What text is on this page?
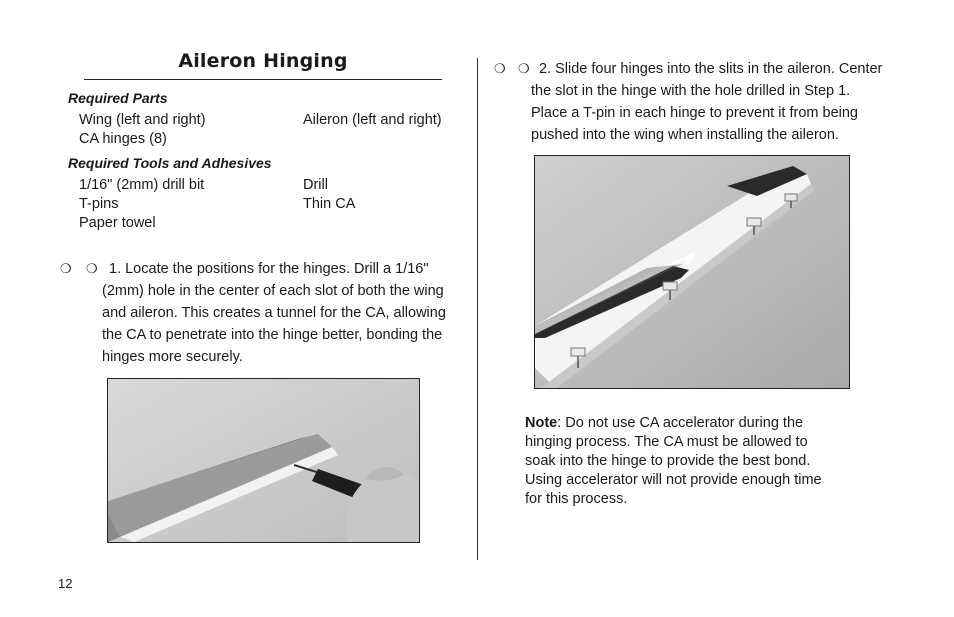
Aileron Hinging
Required Parts
Wing (left and right)
CA hinges (8)
Aileron (left and right)
Required Tools and Adhesives
1/16" (2mm) drill bit
T-pins
Paper towel
Drill
Thin CA
❍ ❍ 1. Locate the positions for the hinges. Drill a 1/16"
(2mm) hole in the center of each slot of both the wing
and aileron. This creates a tunnel for the CA, allowing
the CA to penetrate into the hinge better, bonding the
hinges more securely.
❍ ❍ 2. Slide four hinges into the slits in the aileron. Center
the slot in the hinge with the hole drilled in Step 1.
Place a T-pin in each hinge to prevent it from being
pushed into the wing when installing the aileron.
Note: Do not use CA accelerator during the
hinging process. The CA must be allowed to
soak into the hinge to provide the best bond.
Using accelerator will not provide enough time
for this process.
12
